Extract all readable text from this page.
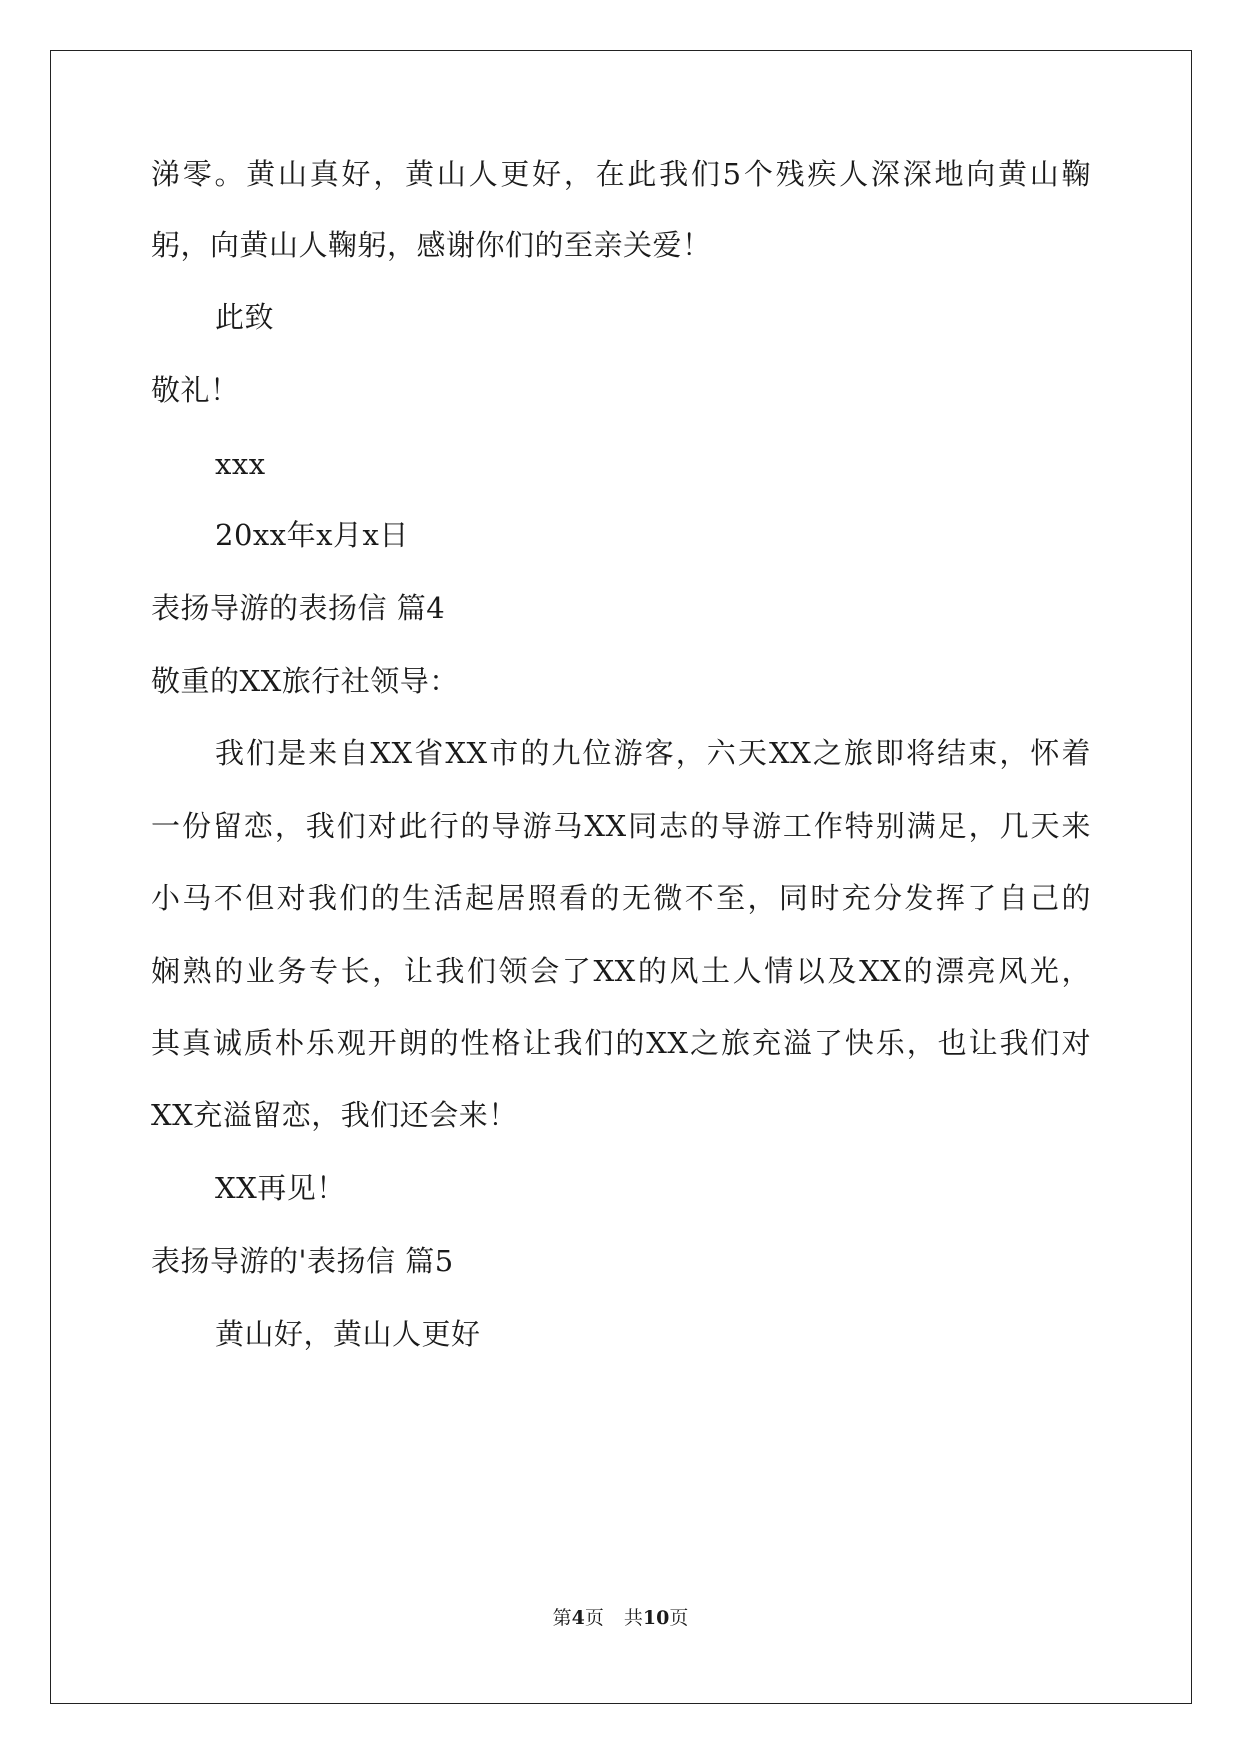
涕零。黄山真好，黄山人更好，在此我们5个残疾人深深地向黄山鞠
躬，向黄山人鞠躬，感谢你们的至亲关爱！
此致
敬礼！
xxx
20xx年x月x日
表扬导游的表扬信 篇4
敬重的XX旅行社领导：
我们是来自XX省XX市的九位游客，六天XX之旅即将结束，怀着
一份留恋，我们对此行的导游马XX同志的导游工作特别满足，几天来
小马不但对我们的生活起居照看的无微不至，同时充分发挥了自己的
娴熟的业务专长，让我们领会了XX的风土人情以及XX的漂亮风光，
其真诚质朴乐观开朗的性格让我们的XX之旅充溢了快乐，也让我们对
XX充溢留恋，我们还会来！
XX再见！
表扬导游的'表扬信 篇5
黄山好，黄山人更好
第4页 共10页
